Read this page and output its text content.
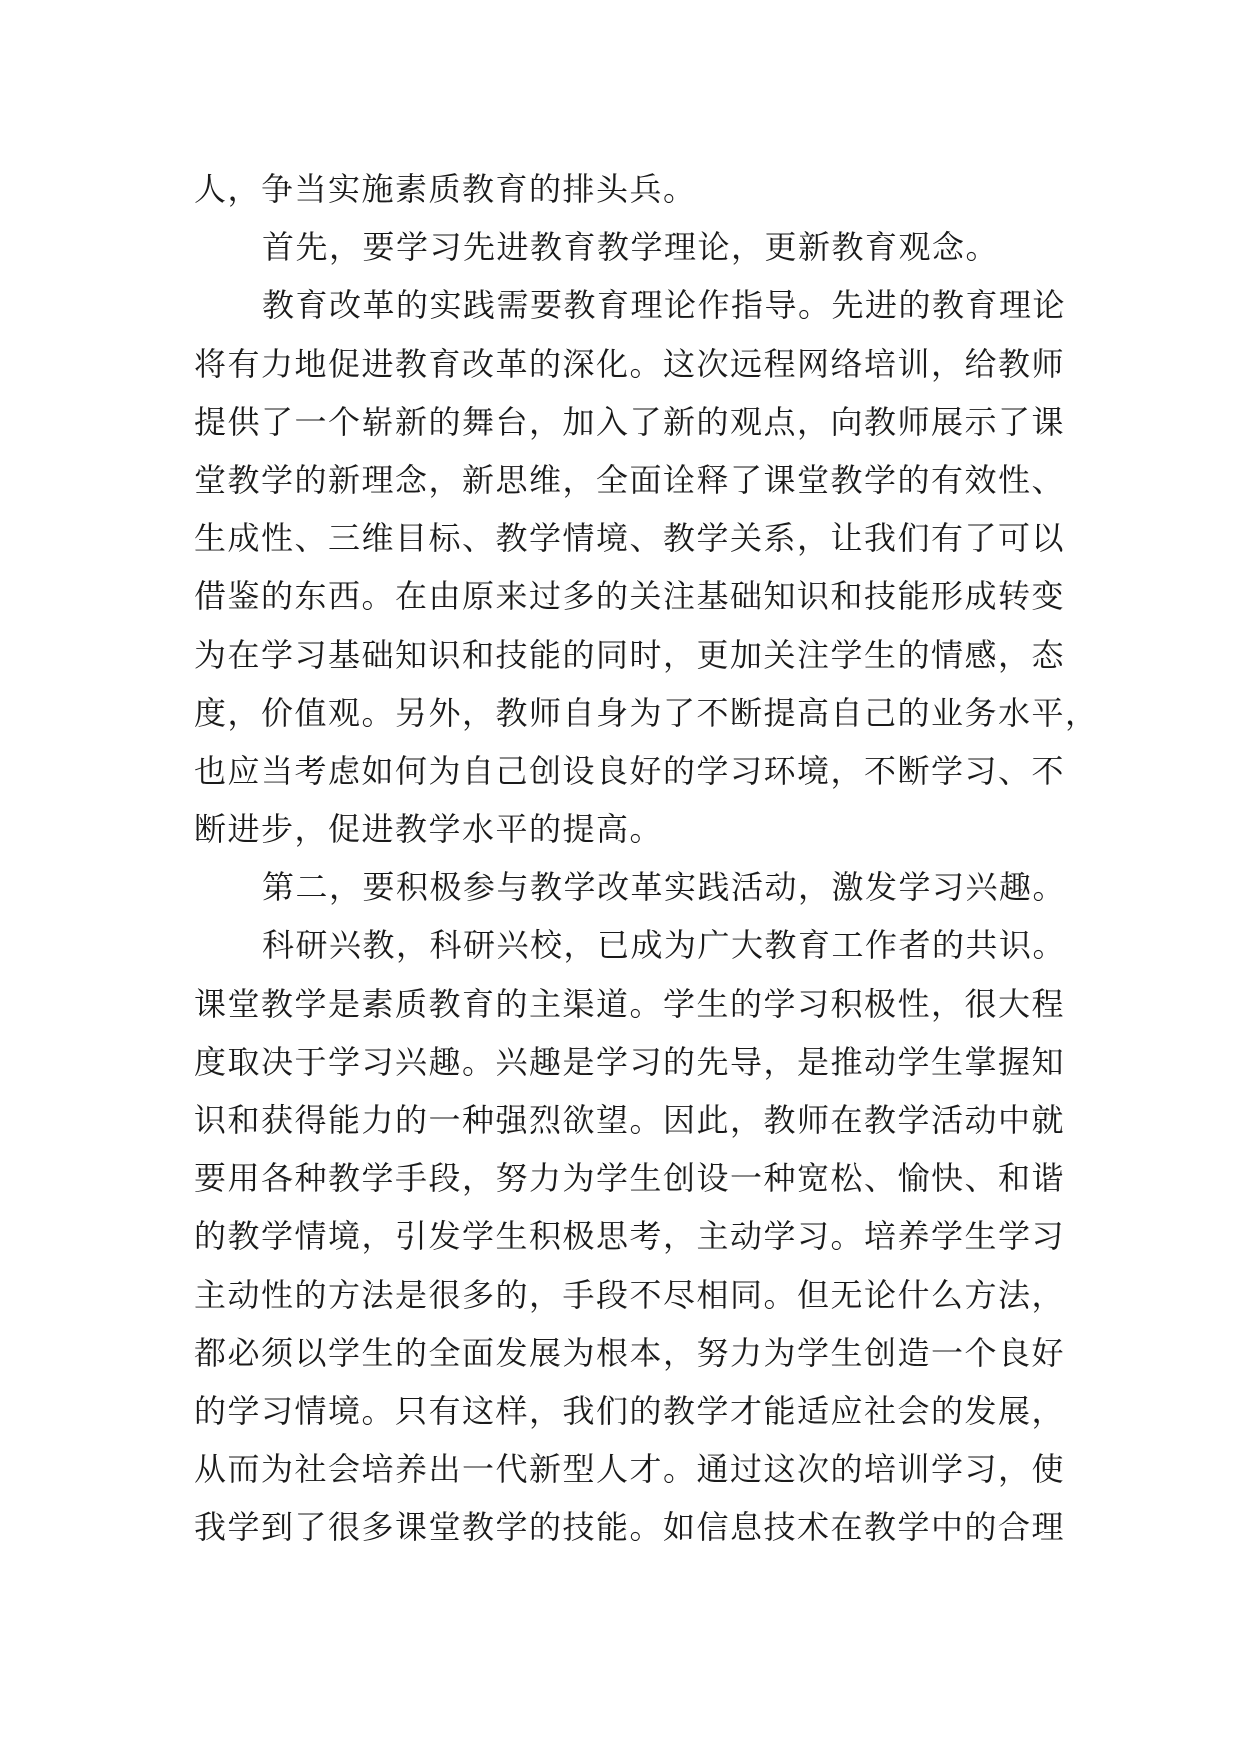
人，争当实施素质教育的排头兵。
首先，要学习先进教育教学理论，更新教育观念。
教育改革的实践需要教育理论作指导。先进的教育理论
将有力地促进教育改革的深化。这次远程网络培训，给教师
提供了一个崭新的舞台，加入了新的观点，向教师展示了课
堂教学的新理念，新思维，全面诠释了课堂教学的有效性、
生成性、三维目标、教学情境、教学关系，让我们有了可以
借鉴的东西。在由原来过多的关注基础知识和技能形成转变
为在学习基础知识和技能的同时，更加关注学生的情感，态
度，价值观。另外，教师自身为了不断提高自己的业务水平，
也应当考虑如何为自己创设良好的学习环境，不断学习、不
断进步，促进教学水平的提高。
第二，要积极参与教学改革实践活动，激发学习兴趣。
科研兴教，科研兴校，已成为广大教育工作者的共识。
课堂教学是素质教育的主渠道。学生的学习积极性，很大程
度取决于学习兴趣。兴趣是学习的先导，是推动学生掌握知
识和获得能力的一种强烈欲望。因此，教师在教学活动中就
要用各种教学手段，努力为学生创设一种宽松、愉快、和谐
的教学情境，引发学生积极思考，主动学习。培养学生学习
主动性的方法是很多的，手段不尽相同。但无论什么方法，
都必须以学生的全面发展为根本，努力为学生创造一个良好
的学习情境。只有这样，我们的教学才能适应社会的发展，
从而为社会培养出一代新型人才。通过这次的培训学习，使
我学到了很多课堂教学的技能。如信息技术在教学中的合理
